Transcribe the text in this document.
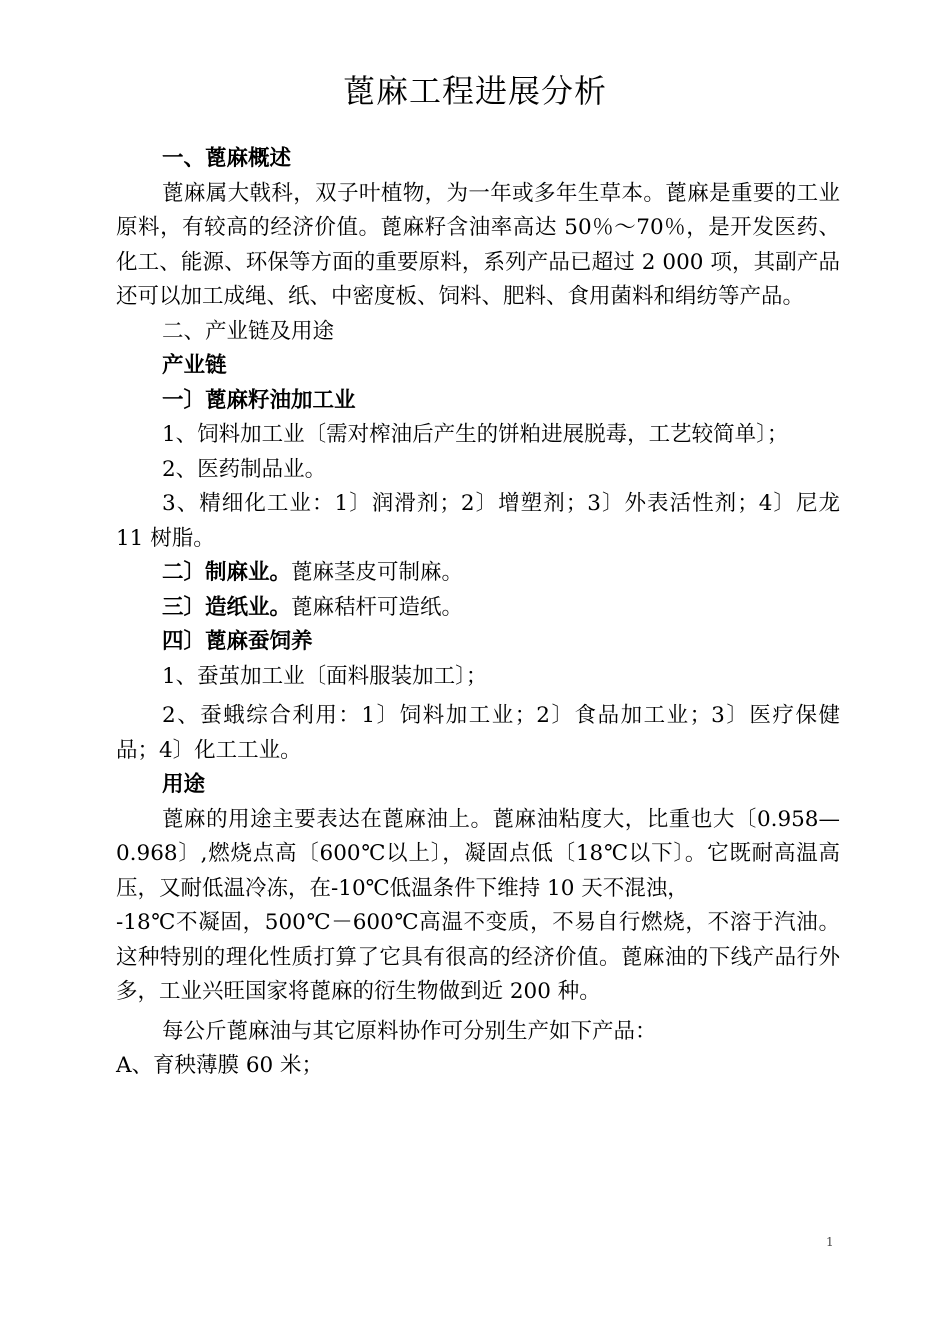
蓖麻工程进展分析

一、蓖麻概述

蓖麻属大戟科，双子叶植物，为一年或多年生草本。蓖麻是重要的工业原料，有较高的经济价值。蓖麻籽含油率高达 50％～70％，是开发医药、化工、能源、环保等方面的重要原料，系列产品已超过 2 000 项，其副产品还可以加工成绳、纸、中密度板、饲料、肥料、食用菌料和绢纺等产品。

二、产业链及用途

产业链

一〕蓖麻籽油加工业

1、饲料加工业〔需对榨油后产生的饼粕进展脱毒，工艺较简单〕；

2、医药制品业。

3、精细化工业：1〕润滑剂；2〕增塑剂；3〕外表活性剂；4〕尼龙 11 树脂。

二〕制麻业。蓖麻茎皮可制麻。

三〕造纸业。蓖麻秸杆可造纸。

四〕蓖麻蚕饲养

1、蚕茧加工业〔面料服装加工〕；

2、蚕蛾综合利用：1〕饲料加工业；2〕食品加工业；3〕医疗保健品；4〕化工工业。

用途

蓖麻的用途主要表达在蓖麻油上。蓖麻油粘度大，比重也大〔0.958—0.968〕,燃烧点高〔600℃以上〕，凝固点低〔18℃以下〕。它既耐高温高压，又耐低温冷冻，在-10℃低温条件下维持 10 天不混浊，

-18℃不凝固，500℃－600℃高温不变质，不易自行燃烧，不溶于汽油。这种特别的理化性质打算了它具有很高的经济价值。蓖麻油的下线产品行外多，工业兴旺国家将蓖麻的衍生物做到近 200 种。

每公斤蓖麻油与其它原料协作可分别生产如下产品：

A、育秧薄膜 60 米；

1
